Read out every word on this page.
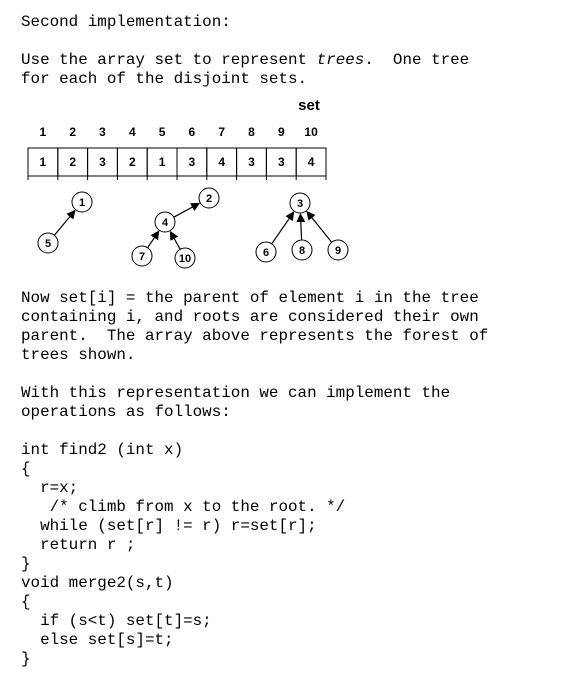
Second implementation:

Use the array set to represent trees.  One tree

for each of the disjoint sets.

set
1 2 3 4 5 6 7 8 9 10
1 2 3 2 1 3 4 3 3 4
1
5
2
4
7	10
3
6	8	9

Now set[i] = the parent of element i in the tree

containing i, and roots are considered their own

parent.  The array above represents the forest of

trees shown.

With this representation we can implement the

operations as follows:

int find2 (int x)

{

r=x;

/* climb from x to the root. */

while (set[r] != r) r=set[r];

return r ;

}

void merge2(s,t)

{

if (s<t) set[t]=s;

else set[s]=t;

}
